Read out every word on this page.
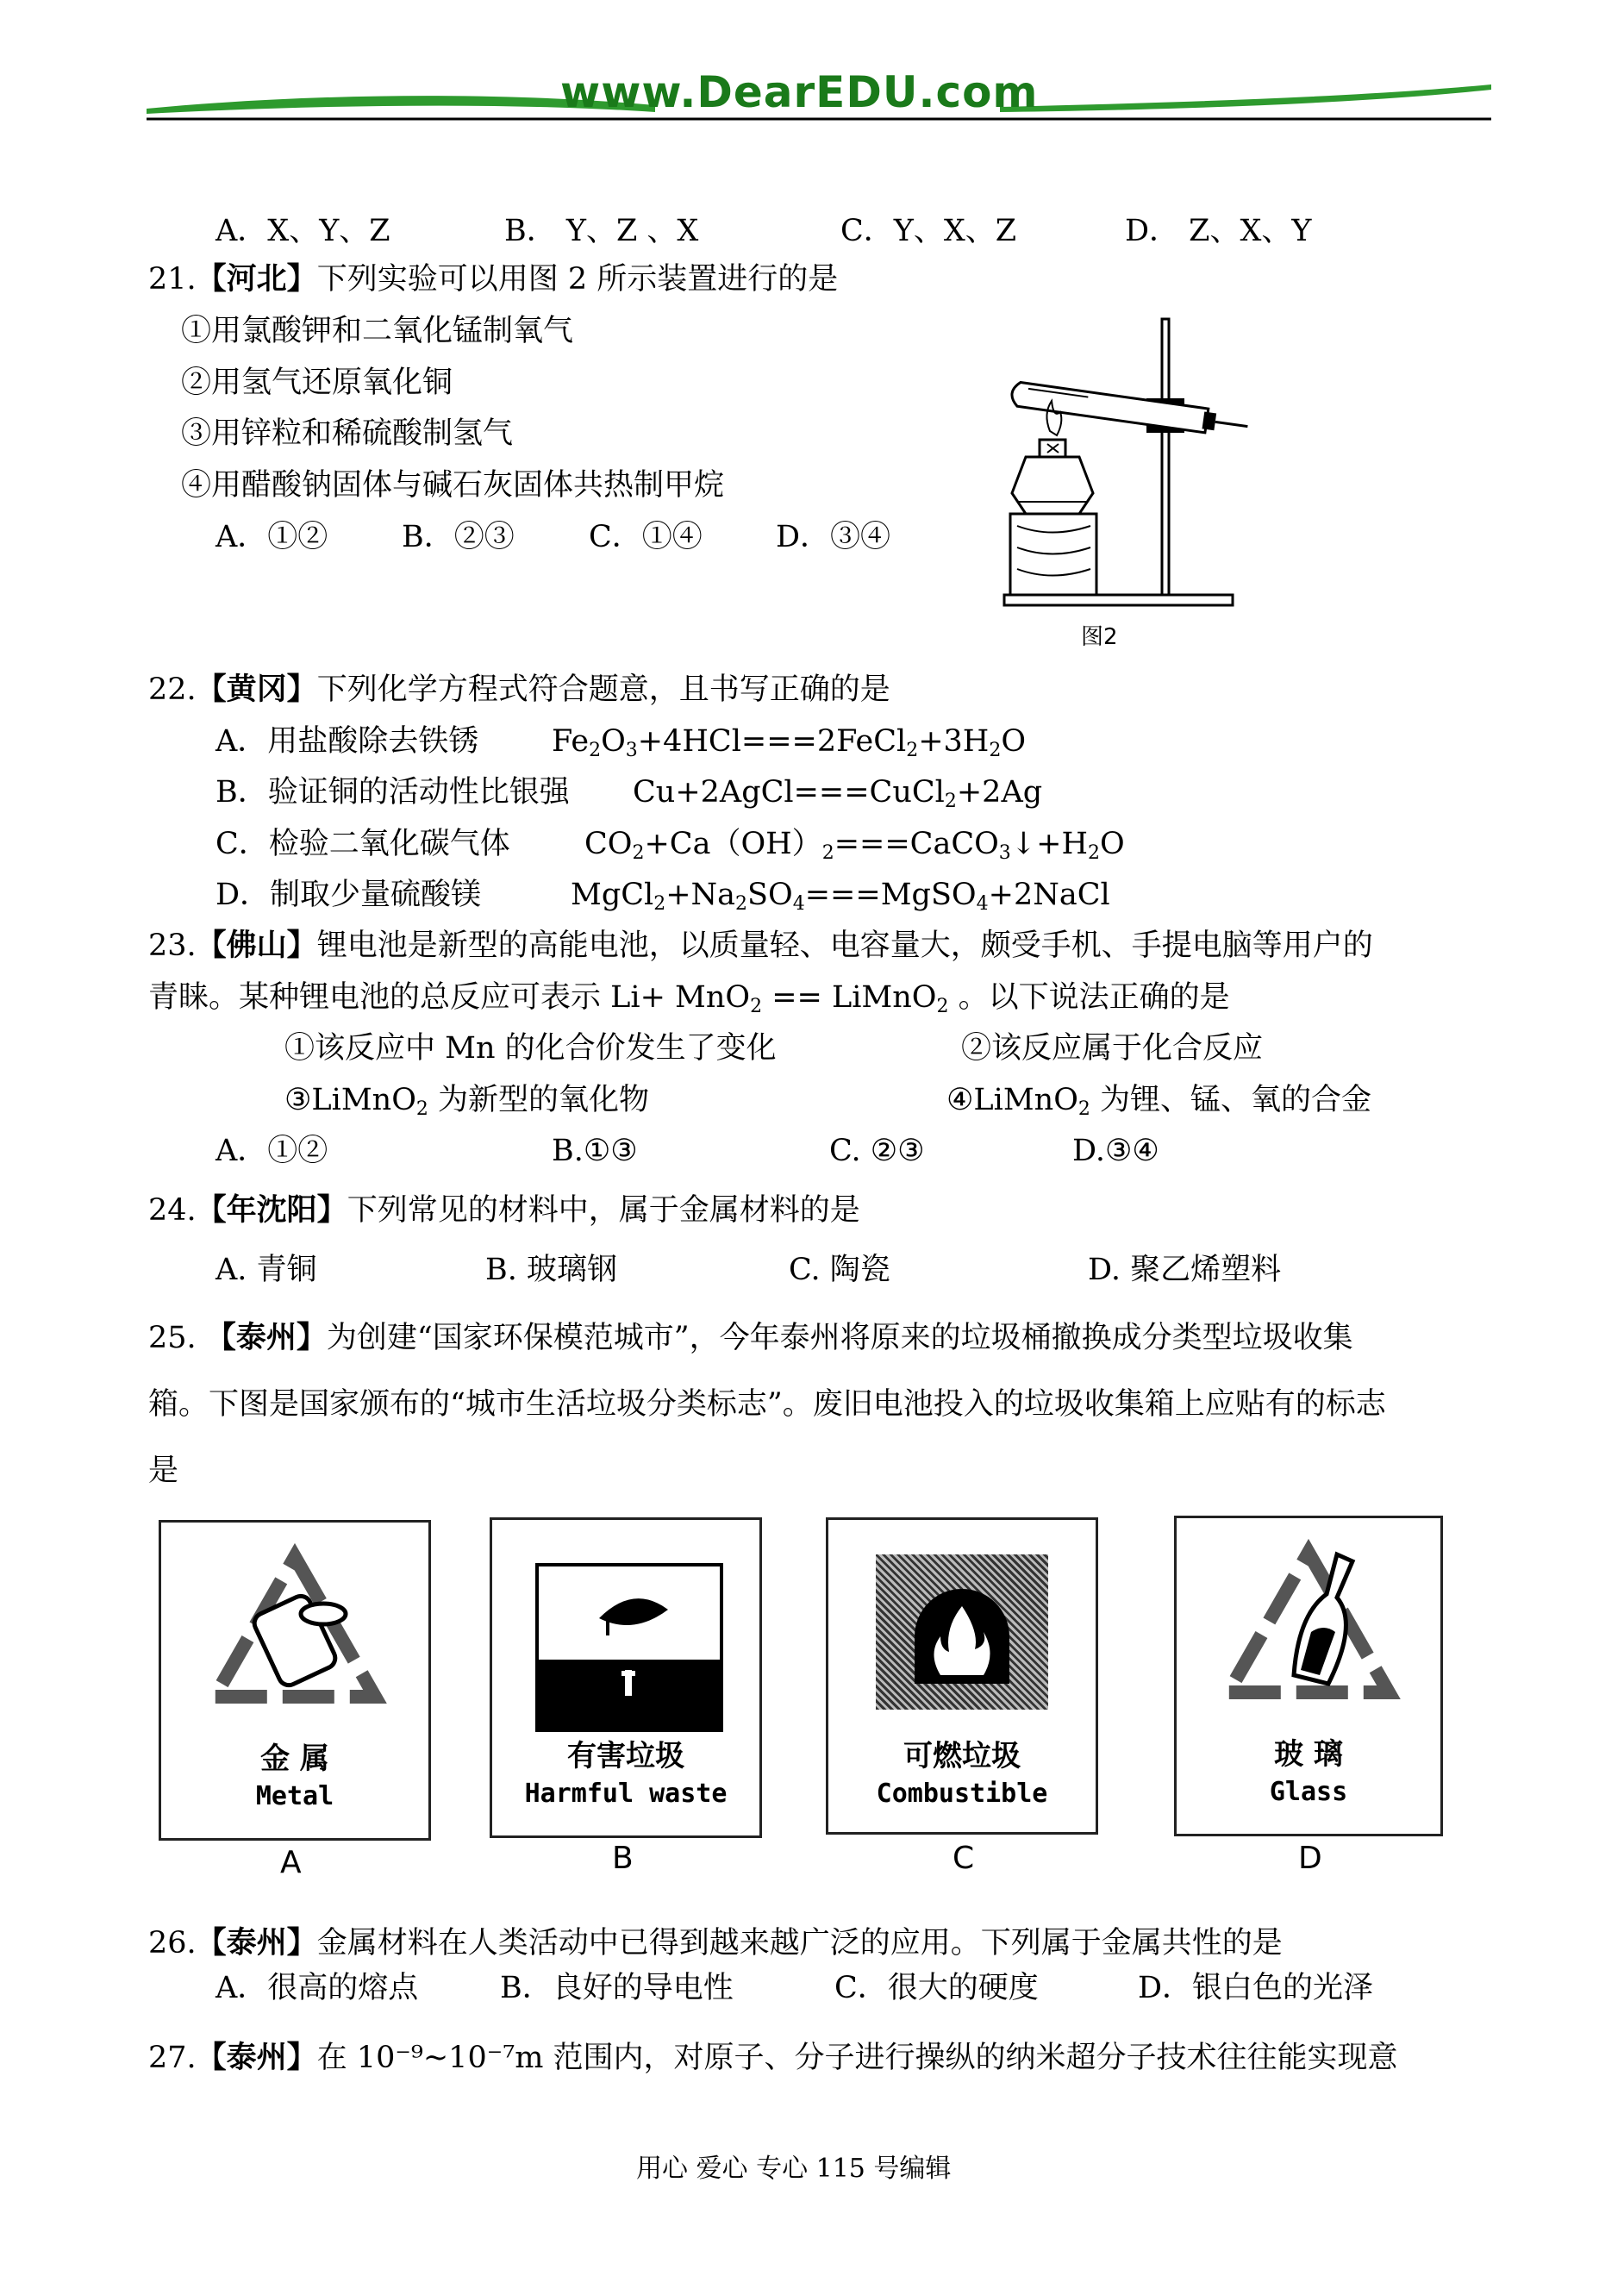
www.DearEDU.com
A．X、Y、Z	B． Y、Z 、X	C．Y、X、Z	D． Z、X、Y
21.【河北】下列实验可以用图 2 所示装置进行的是
①用氯酸钾和二氧化锰制氧气
②用氢气还原氧化铜
③用锌粒和稀硫酸制氢气
④用醋酸钠固体与碱石灰固体共热制甲烷
A．①② B．②③ C．①④ D．③④
图2
22.【黄冈】下列化学方程式符合题意，且书写正确的是
A．用盐酸除去铁锈 $Fe_2O_3+4HCl===2FeCl_2+3H_2O$
B．验证铜的活动性比银强 Cu+2AgCl===CuCl$_2$+2Ag
C．检验二氧化碳气体 $CO_2+Ca(OH)_2===CaCO_3↓+H_2O$
D．制取少量硫酸镁	$MgCl_2+Na_2SO_4===MgSO_4+2NaCl$
23.【佛山】锂电池是新型的高能电池，以质量轻、电容量大，颇受手机、手提电脑等用户的
青睐。某种锂电池的总反应可表示 Li+ MnO$_2$ == LiMnO$_2$ 。以下说法正确的是
①该反应中 Mn 的化合价发生了变化	②该反应属于化合反应
③LiMnO$_2$ 为新型的氧化物	④LiMnO$_2$ 为锂、锰、氧的合金
A．①②	B.①③	C. ②③	D.③④
24.【年沈阳】下列常见的材料中，属于金属材料的是
A. 青铜	B. 玻璃钢	C. 陶瓷	D. 聚乙烯塑料
25. 【泰州】为创建“国家环保模范城市”，今年泰州将原来的垃圾桶撤换成分类型垃圾收集
箱。下图是国家颁布的“城市生活垃圾分类标志”。废旧电池投入的垃圾收集箱上应贴有的标志
是
金 属
Metal
A
有害垃圾
Harmful waste
B
可燃垃圾
Combustible
C
玻 璃
Glass
D
26.【泰州】金属材料在人类活动中已得到越来越广泛的应用。下列属于金属共性的是
A．很高的熔点	B．良好的导电性	C．很大的硬度	D．银白色的光泽
27.【泰州】在 10⁻⁹~10⁻⁷m 范围内，对原子、分子进行操纵的纳米超分子技术往往能实现意
用心 爱心 专心 115 号编辑
